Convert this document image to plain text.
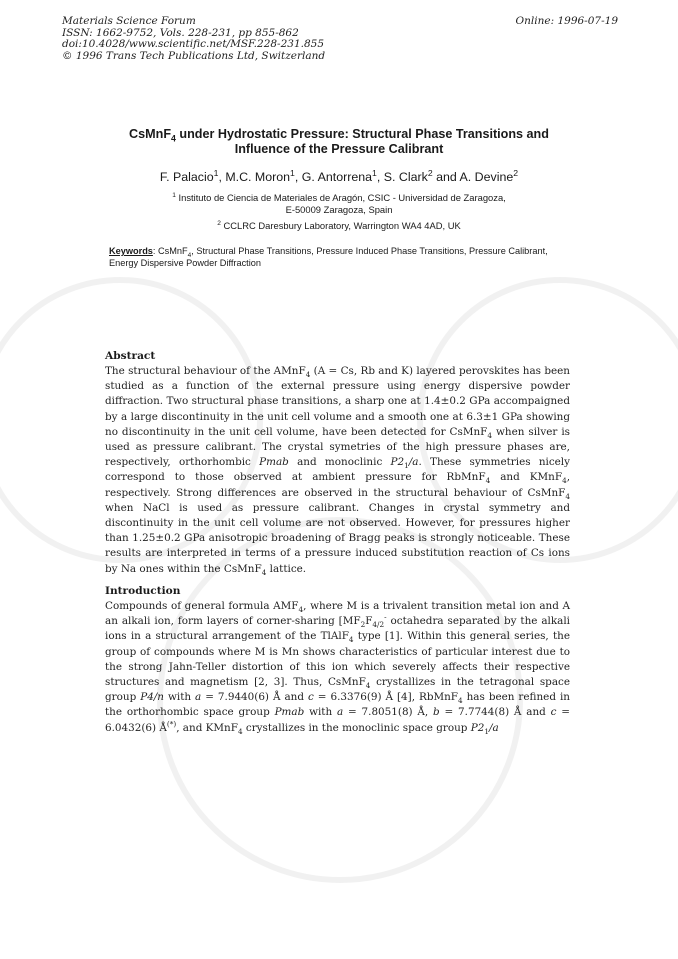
Materials Science Forum
ISSN: 1662-9752, Vols. 228-231, pp 855-862
doi:10.4028/www.scientific.net/MSF.228-231.855
© 1996 Trans Tech Publications Ltd, Switzerland
Online: 1996-07-19
CsMnF$_4$ under Hydrostatic Pressure: Structural Phase Transitions and
Influence of the Pressure Calibrant
F. Palacio$^1$, M.C. Moron$^1$, G. Antorrena$^1$, S. Clark$^2$ and A. Devine$^2$
$^1$ Instituto de Ciencia de Materiales de Aragón, CSIC - Universidad de Zaragoza,
E-50009 Zaragoza, Spain
$^2$ CCLRC Daresbury Laboratory, Warrington WA4 4AD, UK
Keywords: CsMnF$_4$, Structural Phase Transitions, Pressure Induced Phase Transitions, Pressure Calibrant, Energy Dispersive Powder Diffraction
Abstract
The structural behaviour of the AMnF$_4$ (A = Cs, Rb and K) layered perovskites has been studied as a function of the external pressure using energy dispersive powder diffraction. Two structural phase transitions, a sharp one at 1.4±0.2 GPa accompaigned by a large discontinuity in the unit cell volume and a smooth one at 6.3±1 GPa showing no discontinuity in the unit cell volume, have been detected for CsMnF$_4$ when silver is used as pressure calibrant. The crystal symetries of the high pressure phases are, respectively, orthorhombic Pmab and monoclinic $P2_1/a$. These symmetries nicely correspond to those observed at ambient pressure for RbMnF$_4$ and KMnF$_4$, respectively. Strong differences are observed in the structural behaviour of CsMnF$_4$ when NaCl is used as pressure calibrant. Changes in crystal symmetry and discontinuity in the unit cell volume are not observed. However, for pressures higher than 1.25±0.2 GPa anisotropic broadening of Bragg peaks is strongly noticeable. These results are interpreted in terms of a pressure induced substitution reaction of Cs ions by Na ones within the CsMnF$_4$ lattice.
Introduction
Compounds of general formula $AMF_4$, where M is a trivalent transition metal ion and A an alkali ion, form layers of corner-sharing [$MF_2F_{4/2}^-$ octahedra separated by the alkali ions in a structural arrangement of the TlAlF$_4$ type [1]. Within this general series, the group of compounds where M is Mn shows characteristics of particular interest due to the strong Jahn-Teller distortion of this ion which severely affects their respective structures and magnetism [2, 3]. Thus, CsMnF$_4$ crystallizes in the tetragonal space group P4/n with a = 7.9440(6) Å and c = 6.3376(9) Å [4], RbMnF$_4$ has been refined in the orthorhombic space group Pmab with a = 7.8051(8) Å, b = 7.7744(8) Å and c = 6.0432(6) Å(*), and KMnF$_4$ crystallizes in the monoclinic space group $P2_1/a$
